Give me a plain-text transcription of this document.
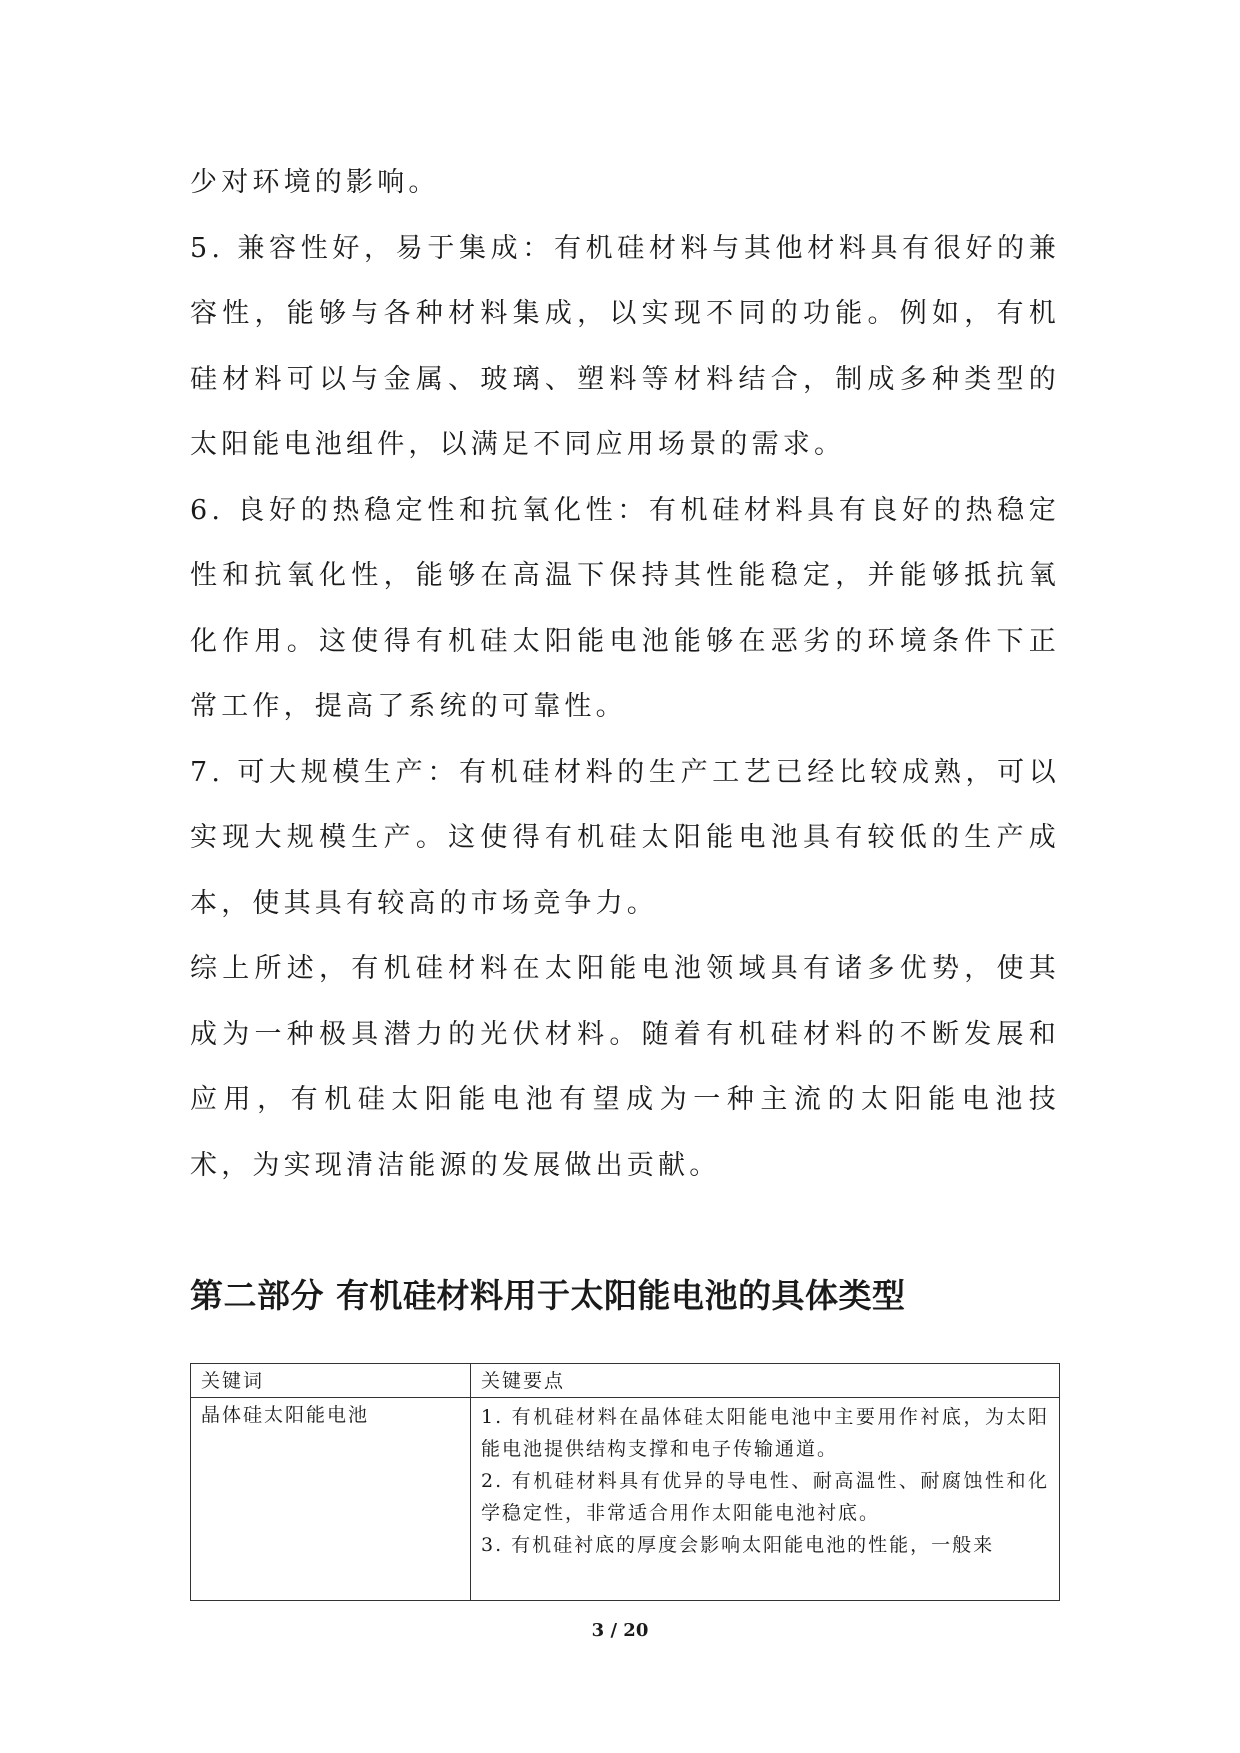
少对环境的影响。

5. 兼容性好，易于集成：有机硅材料与其他材料具有很好的兼容性，能够与各种材料集成，以实现不同的功能。例如，有机硅材料可以与金属、玻璃、塑料等材料结合，制成多种类型的太阳能电池组件，以满足不同应用场景的需求。

6. 良好的热稳定性和抗氧化性：有机硅材料具有良好的热稳定性和抗氧化性，能够在高温下保持其性能稳定，并能够抵抗氧化作用。这使得有机硅太阳能电池能够在恶劣的环境条件下正常工作，提高了系统的可靠性。

7. 可大规模生产：有机硅材料的生产工艺已经比较成熟，可以实现大规模生产。这使得有机硅太阳能电池具有较低的生产成本，使其具有较高的市场竞争力。

综上所述，有机硅材料在太阳能电池领域具有诸多优势，使其成为一种极具潜力的光伏材料。随着有机硅材料的不断发展和应用，有机硅太阳能电池有望成为一种主流的太阳能电池技术，为实现清洁能源的发展做出贡献。

第二部分 有机硅材料用于太阳能电池的具体类型
关键词	关键要点

晶体硅太阳能电池	1. 有机硅材料在晶体硅太阳能电池中主要用作衬底，为太阳能电池提供结构支撑和电子传输通道。

2. 有机硅材料具有优异的导电性、耐高温性、耐腐蚀性和化学稳定性，非常适合用作太阳能电池衬底。

3. 有机硅衬底的厚度会影响太阳能电池的性能，一般来

3 / 20
